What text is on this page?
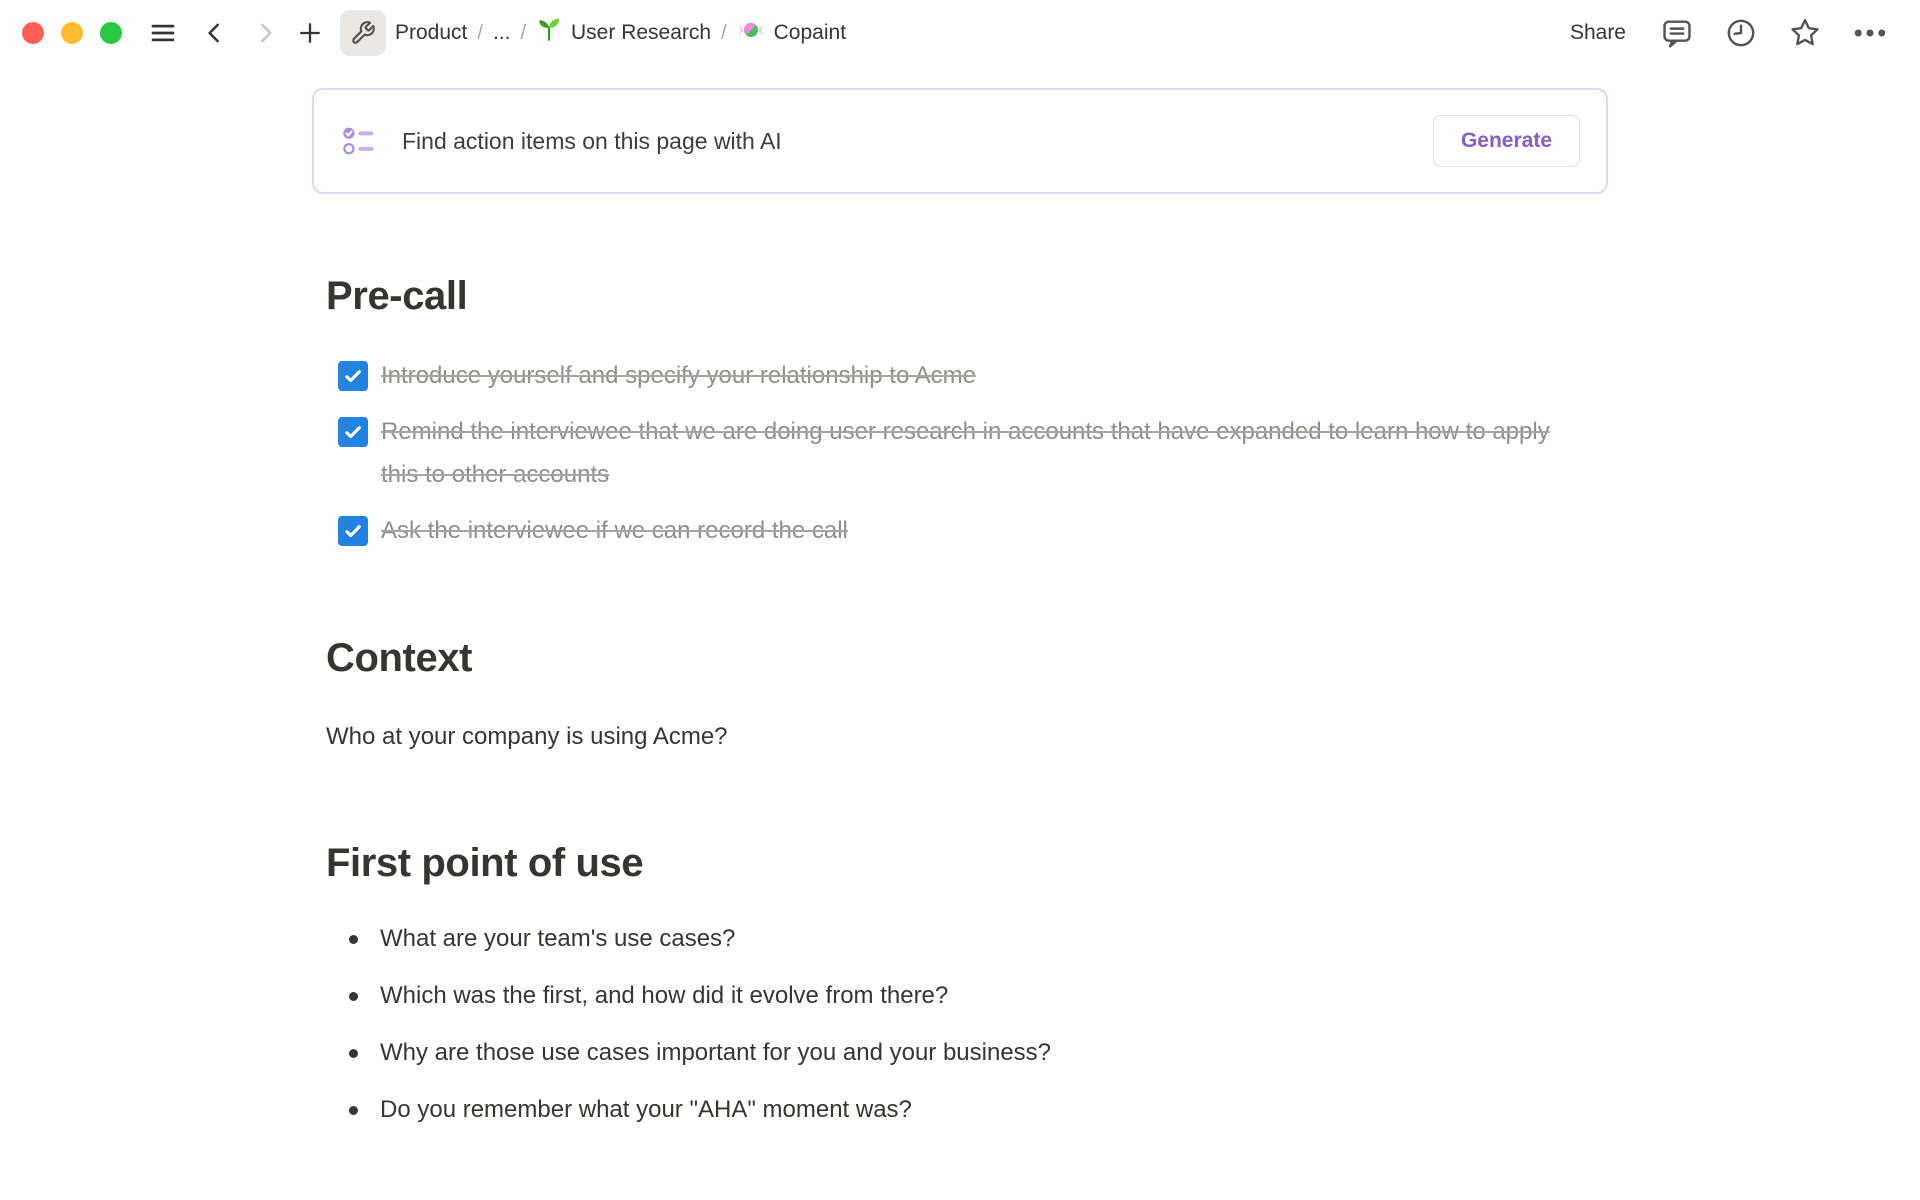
Product / ... / User Research / Copaint	Share
Find action items on this page with AI	Generate
Pre-call
Introduce yourself and specify your relationship to Acme
Remind the interviewee that we are doing user research in accounts that have expanded to learn how to apply this to other accounts
Ask the interviewee if we can record the call
Context
Who at your company is using Acme?
First point of use
What are your team's use cases?
Which was the first, and how did it evolve from there?
Why are those use cases important for you and your business?
Do you remember what your "AHA" moment was?
